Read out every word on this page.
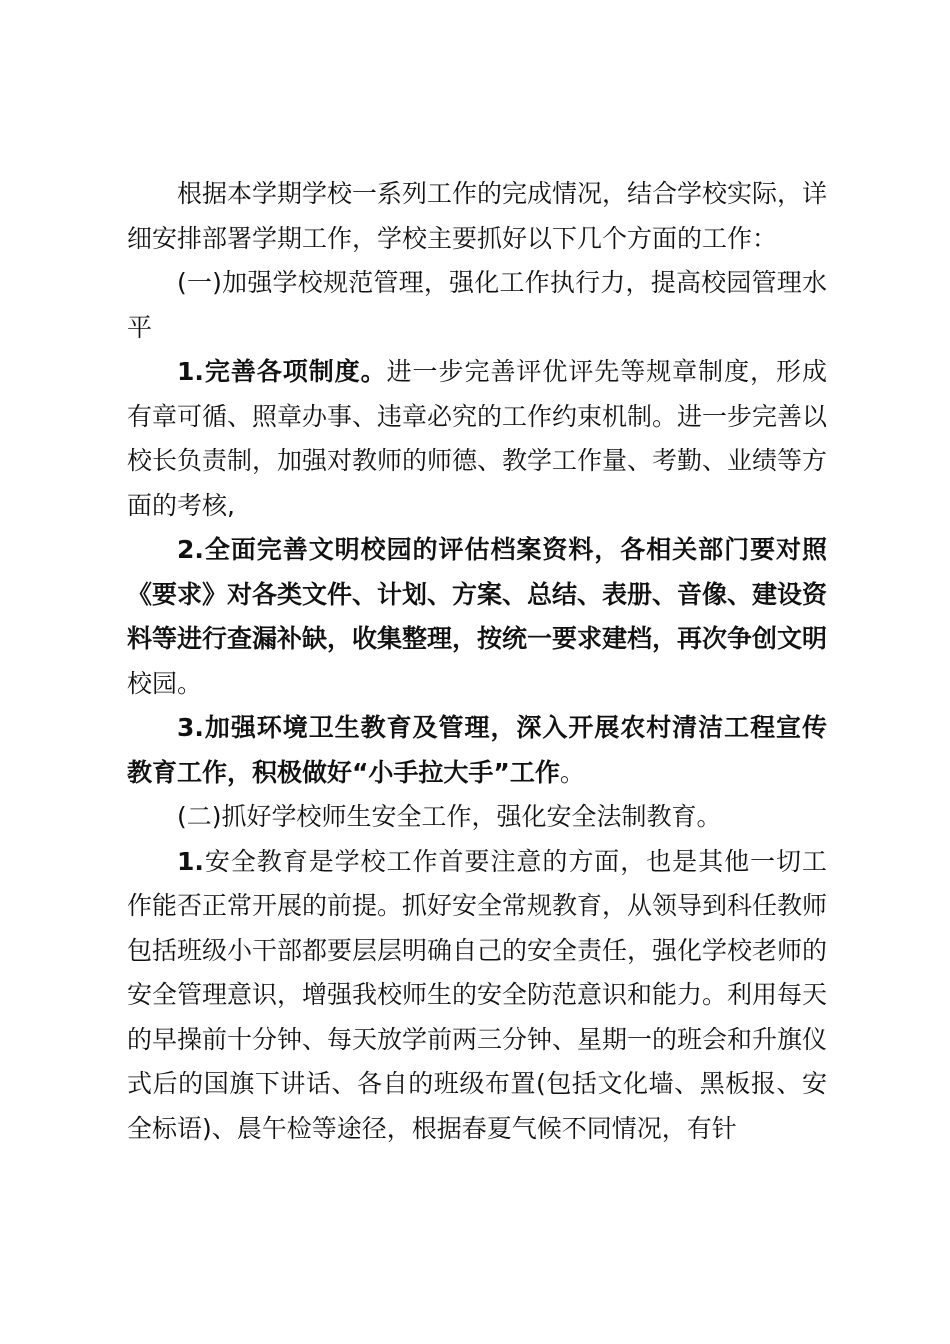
根据本学期学校一系列工作的完成情况，结合学校实际，详细安排部署学期工作，学校主要抓好以下几个方面的工作：

(一)加强学校规范管理，强化工作执行力，提高校园管理水平

1.完善各项制度。进一步完善评优评先等规章制度，形成有章可循、照章办事、违章必究的工作约束机制。进一步完善以校长负责制，加强对教师的师德、教学工作量、考勤、业绩等方面的考核,

2.全面完善文明校园的评估档案资料，各相关部门要对照《要求》对各类文件、计划、方案、总结、表册、音像、建设资料等进行查漏补缺，收集整理，按统一要求建档，再次争创文明校园。

3.加强环境卫生教育及管理，深入开展农村清洁工程宣传教育工作，积极做好“小手拉大手”工作。

(二)抓好学校师生安全工作，强化安全法制教育。

1.安全教育是学校工作首要注意的方面，也是其他一切工作能否正常开展的前提。抓好安全常规教育，从领导到科任教师包括班级小干部都要层层明确自己的安全责任，强化学校老师的安全管理意识，增强我校师生的安全防范意识和能力。利用每天的早操前十分钟、每天放学前两三分钟、星期一的班会和升旗仪式后的国旗下讲话、各自的班级布置(包括文化墙、黑板报、安全标语)、晨午检等途径，根据春夏气候不同情况，有针
